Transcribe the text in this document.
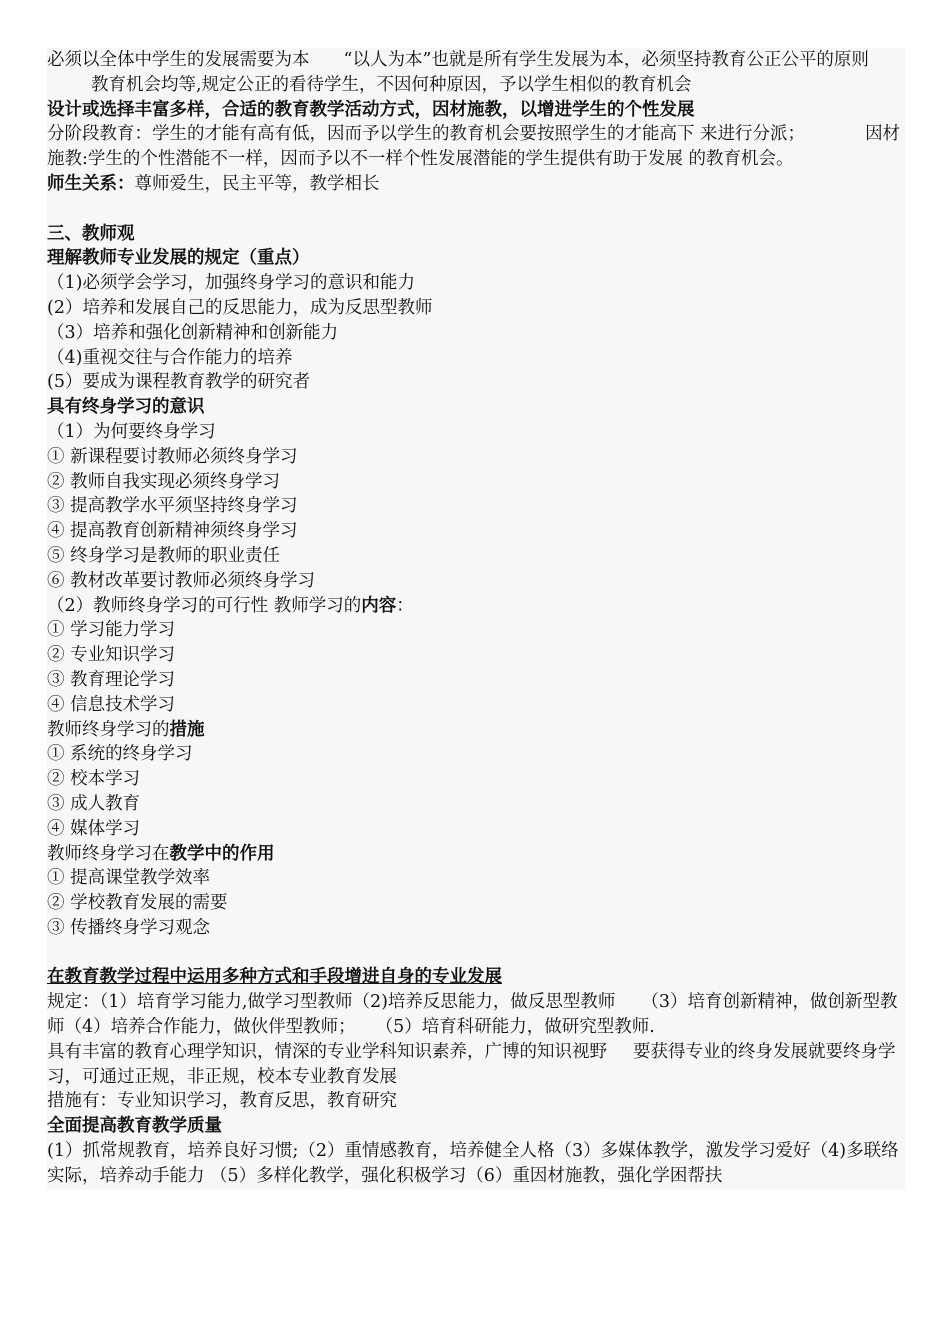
必须以全体中学生的发展需要为本 “以人为本”也就是所有学生发展为本，必须坚持教育公正公平的原则教育机会均等,规定公正的看待学生，不因何种原因，予以学生相似的教育机会

设计或选择丰富多样，合适的教育教学活动方式，因材施教，以增进学生的个性发展

分阶段教育：学生的才能有高有低，因而予以学生的教育机会要按照学生的才能高下 来进行分派；	因材施教:学生的个性潜能不一样，因而予以不一样个性发展潜能的学生提供有助于发展 的教育机会。

师生关系：尊师爱生，民主平等，教学相长

三、教师观

理解教师专业发展的规定（重点）

（1)必须学会学习，加强终身学习的意识和能力

(2）培养和发展自己的反思能力，成为反思型教师

（3）培养和强化创新精神和创新能力

（4)重视交往与合作能力的培养

(5）要成为课程教育教学的研究者

具有终身学习的意识

（1）为何要终身学习

① 新课程要讨教师必须终身学习

② 教师自我实现必须终身学习

③ 提高教学水平须坚持终身学习

④ 提高教育创新精神须终身学习

⑤ 终身学习是教师的职业责任

⑥ 教材改革要讨教师必须终身学习

（2）教师终身学习的可行性 教师学习的内容：

① 学习能力学习

② 专业知识学习

③ 教育理论学习

④ 信息技术学习

教师终身学习的措施

① 系统的终身学习

② 校本学习

③ 成人教育

④ 媒体学习

教师终身学习在教学中的作用

① 提高课堂教学效率

② 学校教育发展的需要

③ 传播终身学习观念

在教育教学过程中运用多种方式和手段增进自身的专业发展

规定：（1）培育学习能力,做学习型教师（2)培养反思能力，做反思型教师 （3）培育创新精神，做创新型教师（4）培养合作能力，做伙伴型教师； （5）培育科研能力，做研究型教师.

具有丰富的教育心理学知识，情深的专业学科知识素养，广博的知识视野 要获得专业的终身发展就要终身学习，可通过正规，非正规，校本专业教育发展

措施有：专业知识学习，教育反思，教育研究

全面提高教育教学质量

(1）抓常规教育，培养良好习惯;（2）重情感教育，培养健全人格（3）多媒体教学，激发学习爱好（4)多联络实际，培养动手能力 （5）多样化教学，强化积极学习（6）重因材施教，强化学困帮扶
